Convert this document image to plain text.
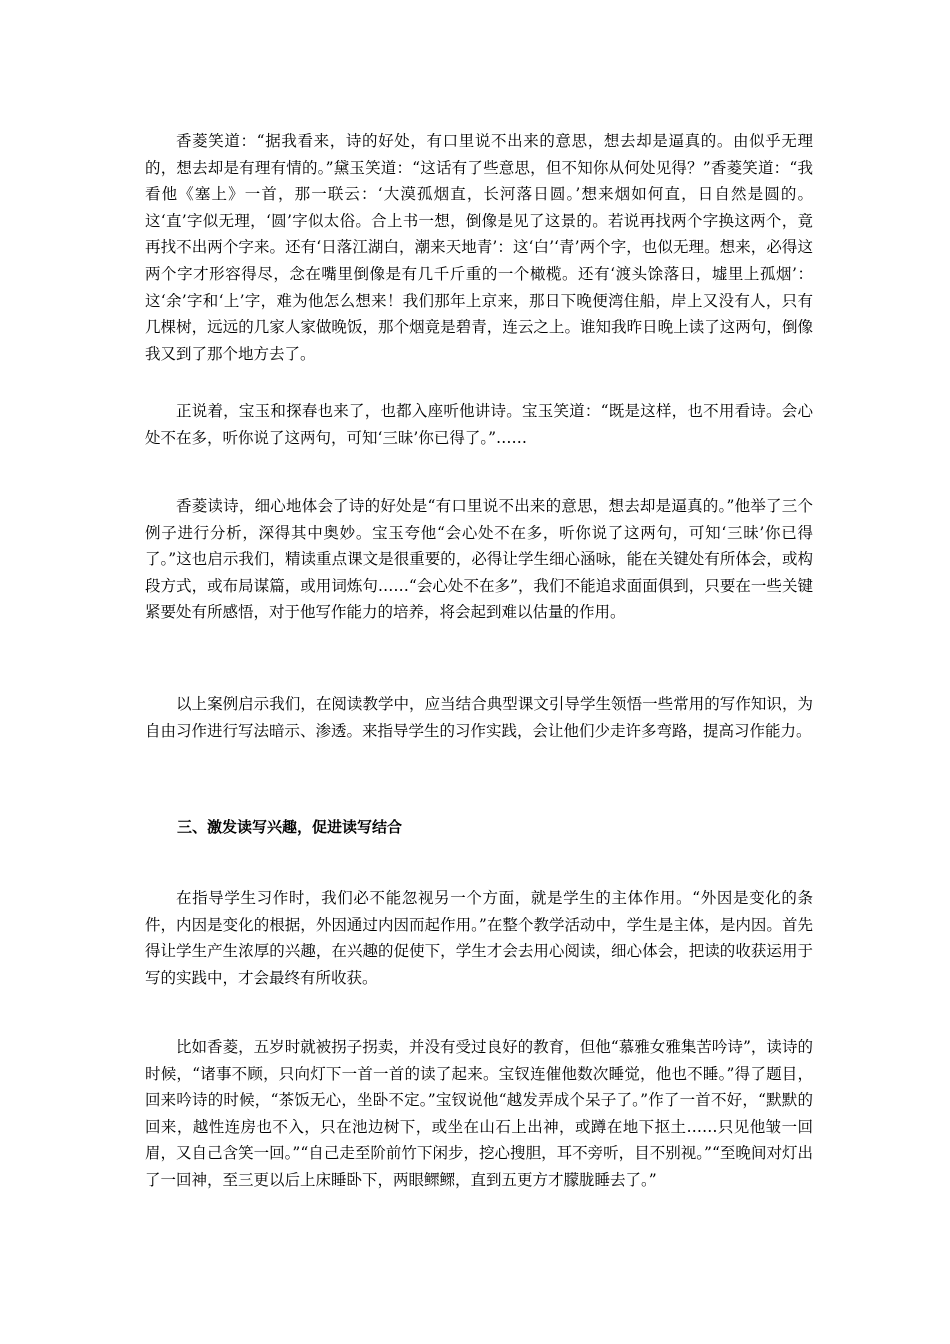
香菱笑道：“据我看来，诗的好处，有口里说不出来的意思，想去却是逼真的。由似乎无理的，想去却是有理有情的。”黛玉笑道：“这话有了些意思，但不知你从何处见得？”香菱笑道：“我看他《塞上》一首，那一联云：‘大漠孤烟直，长河落日圆。’想来烟如何直，日自然是圆的。这‘直’字似无理，‘圆’字似太俗。合上书一想，倒像是见了这景的。若说再找两个字换这两个，竟再找不出两个字来。还有‘日落江湖白，潮来天地青’：这‘白’‘青’两个字，也似无理。想来，必得这两个字才形容得尽，念在嘴里倒像是有几千斤重的一个橄榄。还有‘渡头馀落日，墟里上孤烟’：这‘余’字和‘上’字，难为他怎么想来！我们那年上京来，那日下晚便湾住船，岸上又没有人，只有几棵树，远远的几家人家做晚饭，那个烟竟是碧青，连云之上。谁知我昨日晚上读了这两句，倒像我又到了那个地方去了。

正说着，宝玉和探春也来了，也都入座听他讲诗。宝玉笑道：“既是这样，也不用看诗。会心处不在多，听你说了这两句，可知‘三昧’你已得了。”……

香菱读诗，细心地体会了诗的好处是“有口里说不出来的意思，想去却是逼真的。”他举了三个例子进行分析，深得其中奥妙。宝玉夸他“会心处不在多，听你说了这两句，可知‘三昧’你已得了。”这也启示我们，精读重点课文是很重要的，必得让学生细心涵咏，能在关键处有所体会，或构段方式，或布局谋篇，或用词炼句……“会心处不在多”，我们不能追求面面俱到，只要在一些关键紧要处有所感悟，对于他写作能力的培养，将会起到难以估量的作用。

以上案例启示我们，在阅读教学中，应当结合典型课文引导学生领悟一些常用的写作知识，为自由习作进行写法暗示、渗透。来指导学生的习作实践，会让他们少走许多弯路，提高习作能力。

三、激发读写兴趣，促进读写结合

在指导学生习作时，我们必不能忽视另一个方面，就是学生的主体作用。“外因是变化的条件，内因是变化的根据，外因通过内因而起作用。”在整个教学活动中，学生是主体，是内因。首先得让学生产生浓厚的兴趣，在兴趣的促使下，学生才会去用心阅读，细心体会，把读的收获运用于写的实践中，才会最终有所收获。

比如香菱，五岁时就被拐子拐卖，并没有受过良好的教育，但他“慕雅女雅集苦吟诗”，读诗的时候，“诸事不顾，只向灯下一首一首的读了起来。宝钗连催他数次睡觉，他也不睡。”得了题目，回来吟诗的时候，“茶饭无心，坐卧不定。”宝钗说他“越发弄成个呆子了。”作了一首不好，“默默的回来，越性连房也不入，只在池边树下，或坐在山石上出神，或蹲在地下抠土……只见他皱一回眉，又自己含笑一回。”“自己走至阶前竹下闲步，挖心搜胆，耳不旁听，目不别视。”“至晚间对灯出了一回神，至三更以后上床睡卧下，两眼鳏鳏，直到五更方才朦胧睡去了。”
